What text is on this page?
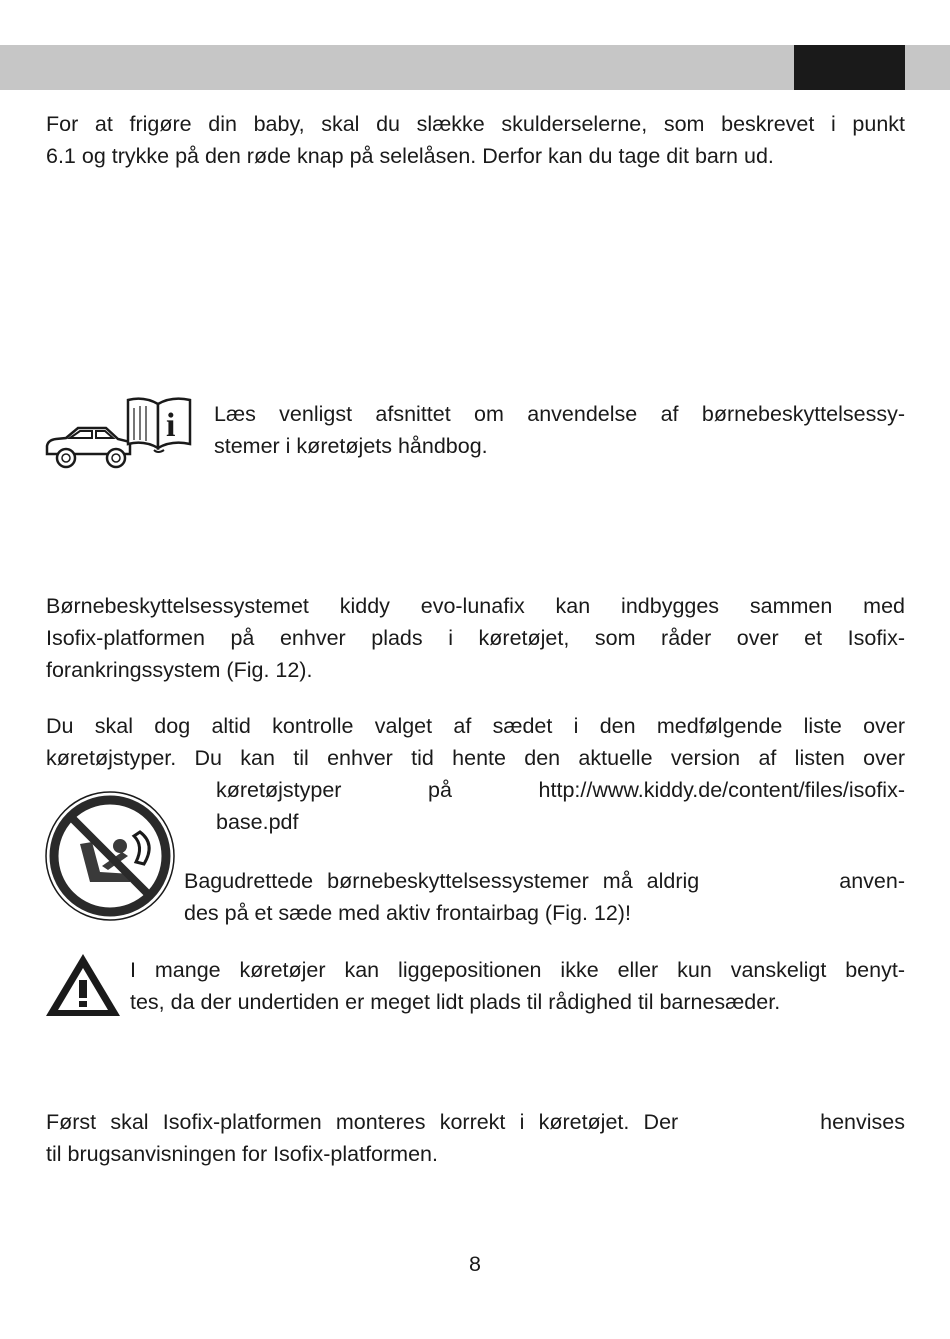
For at frigøre din baby, skal du slække skulderselerne, som beskrevet i punkt
6.1 og trykke på den røde knap på selelåsen. Derfor kan du tage dit barn ud.
i Læs venligst afsnittet om anvendelse af børnebeskyttelsessy-
stemer i køretøjets håndbog.
Børnebeskyttelsessystemet kiddy evo-lunafix kan indbygges sammen med
Isofix-platformen på enhver plads i køretøjet, som råder over et Isofix-
forankringssystem (Fig. 12).
Du skal dog altid kontrolle valget af sædet i den medfølgende liste over
køretøjstyper. Du kan til enhver tid hente den aktuelle version af listen over
køretøjstyper på http://www.kiddy.de/content/files/isofix-
base.pdf
Bagudrettede børnebeskyttelsessystemer må aldrig          anven-
des på et sæde med aktiv frontairbag (Fig. 12)!
I mange køretøjer kan liggepositionen ikke eller kun vanskeligt benyt-
tes, da der undertiden er meget lidt plads til rådighed til barnesæder.
Først skal Isofix-platformen monteres korrekt i køretøjet. Der          henvises
til brugsanvisningen for Isofix-platformen.
8
